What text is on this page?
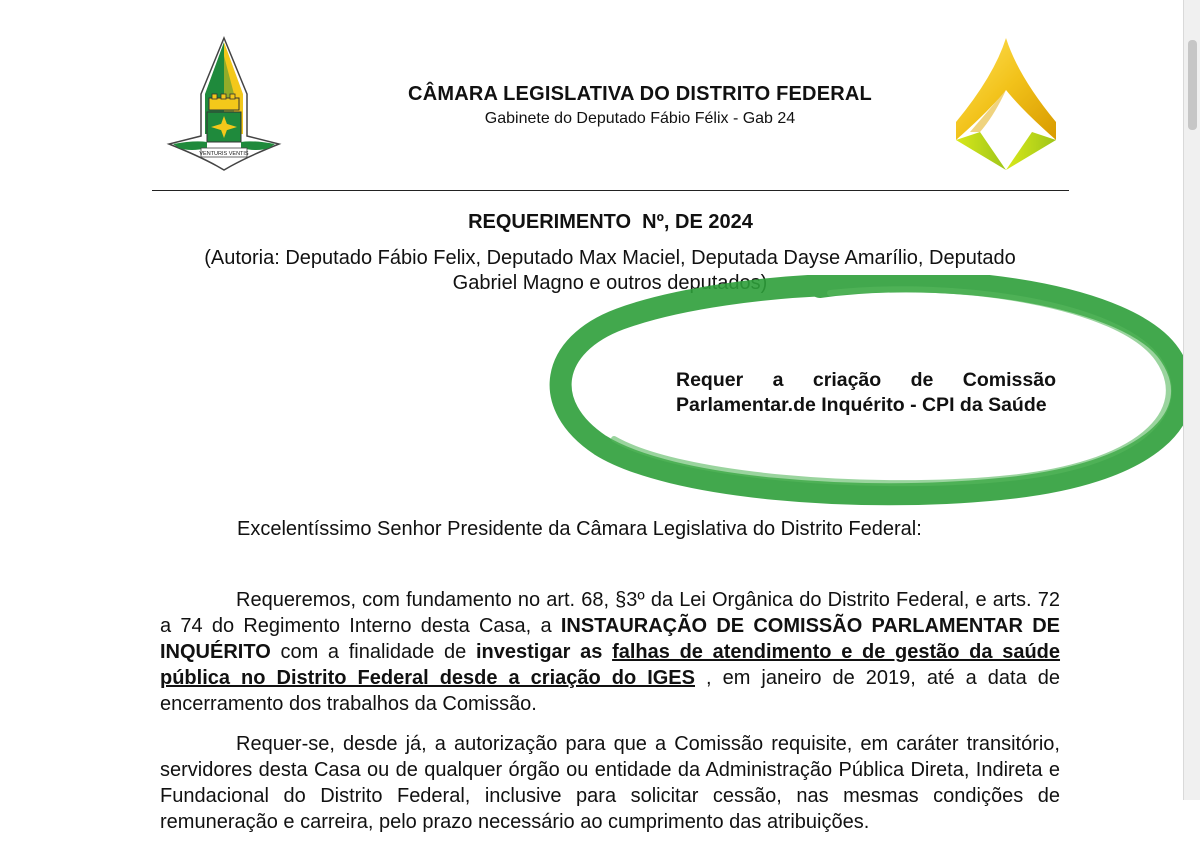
VENTURIS VENTIS
CÂMARA LEGISLATIVA DO DISTRITO FEDERAL
Gabinete do Deputado Fábio Félix - Gab 24
REQUERIMENTO  Nº, DE 2024
(Autoria: Deputado Fábio Felix, Deputado Max Maciel, Deputada Dayse Amarílio, Deputado
Gabriel Magno e outros deputados)
Requer a criação de Comissão Parlamentar.de Inquérito - CPI da Saúde
Excelentíssimo Senhor Presidente da Câmara Legislativa do Distrito Federal:

Requeremos, com fundamento no art. 68, §3º da Lei Orgânica do Distrito Federal, e arts. 72 a 74 do Regimento Interno desta Casa, a INSTAURAÇÃO DE COMISSÃO PARLAMENTAR DE INQUÉRITO com a finalidade de investigar as falhas de atendimento e de gestão da saúde pública no Distrito Federal desde a criação do IGES , em janeiro de 2019, até a data de encerramento dos trabalhos da Comissão.

Requer-se, desde já, a autorização para que a Comissão requisite, em caráter transitório, servidores desta Casa ou de qualquer órgão ou entidade da Administração Pública Direta, Indireta e Fundacional do Distrito Federal, inclusive para solicitar cessão, nas mesmas condições de remuneração e carreira, pelo prazo necessário ao cumprimento das atribuições.
